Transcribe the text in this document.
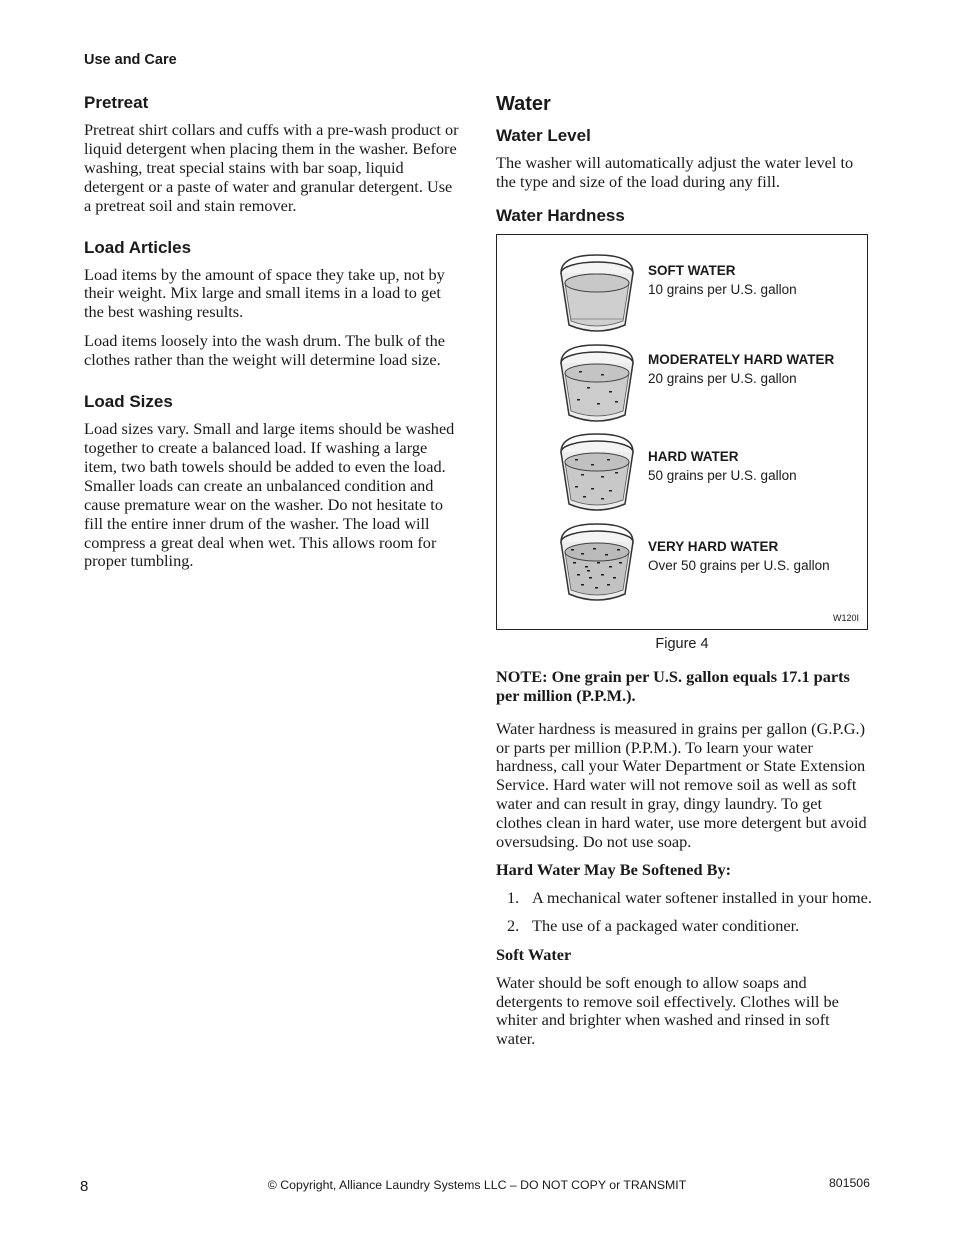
Use and Care
Pretreat

Pretreat shirt collars and cuffs with a pre-wash product or liquid detergent when placing them in the washer. Before washing, treat special stains with bar soap, liquid detergent or a paste of water and granular detergent. Use a pretreat soil and stain remover.

Load Articles

Load items by the amount of space they take up, not by their weight. Mix large and small items in a load to get the best washing results.

Load items loosely into the wash drum. The bulk of the clothes rather than the weight will determine load size.

Load Sizes

Load sizes vary. Small and large items should be washed together to create a balanced load. If washing a large item, two bath towels should be added to even the load. Smaller loads can create an unbalanced condition and cause premature wear on the washer. Do not hesitate to fill the entire inner drum of the washer. The load will compress a great deal when wet. This allows room for proper tumbling.

Water
Water Level

The washer will automatically adjust the water level to the type and size of the load during any fill.

Water Hardness
SOFT WATER
10 grains per U.S. gallon
MODERATELY HARD WATER
20 grains per U.S. gallon
HARD WATER
50 grains per U.S. gallon
VERY HARD WATER
Over 50 grains per U.S. gallon
W120I
Figure 4

NOTE: One grain per U.S. gallon equals 17.1 parts per million (P.P.M.).

Water hardness is measured in grains per gallon (G.P.G.) or parts per million (P.P.M.). To learn your water hardness, call your Water Department or State Extension Service. Hard water will not remove soil as well as soft water and can result in gray, dingy laundry. To get clothes clean in hard water, use more detergent but avoid oversudsing. Do not use soap.

Hard Water May Be Softened By:

1. A mechanical water softener installed in your home.
2. The use of a packaged water conditioner.

Soft Water

Water should be soft enough to allow soaps and detergents to remove soil effectively. Clothes will be whiter and brighter when washed and rinsed in soft water.

8	© Copyright, Alliance Laundry Systems LLC – DO NOT COPY or TRANSMIT	801506
